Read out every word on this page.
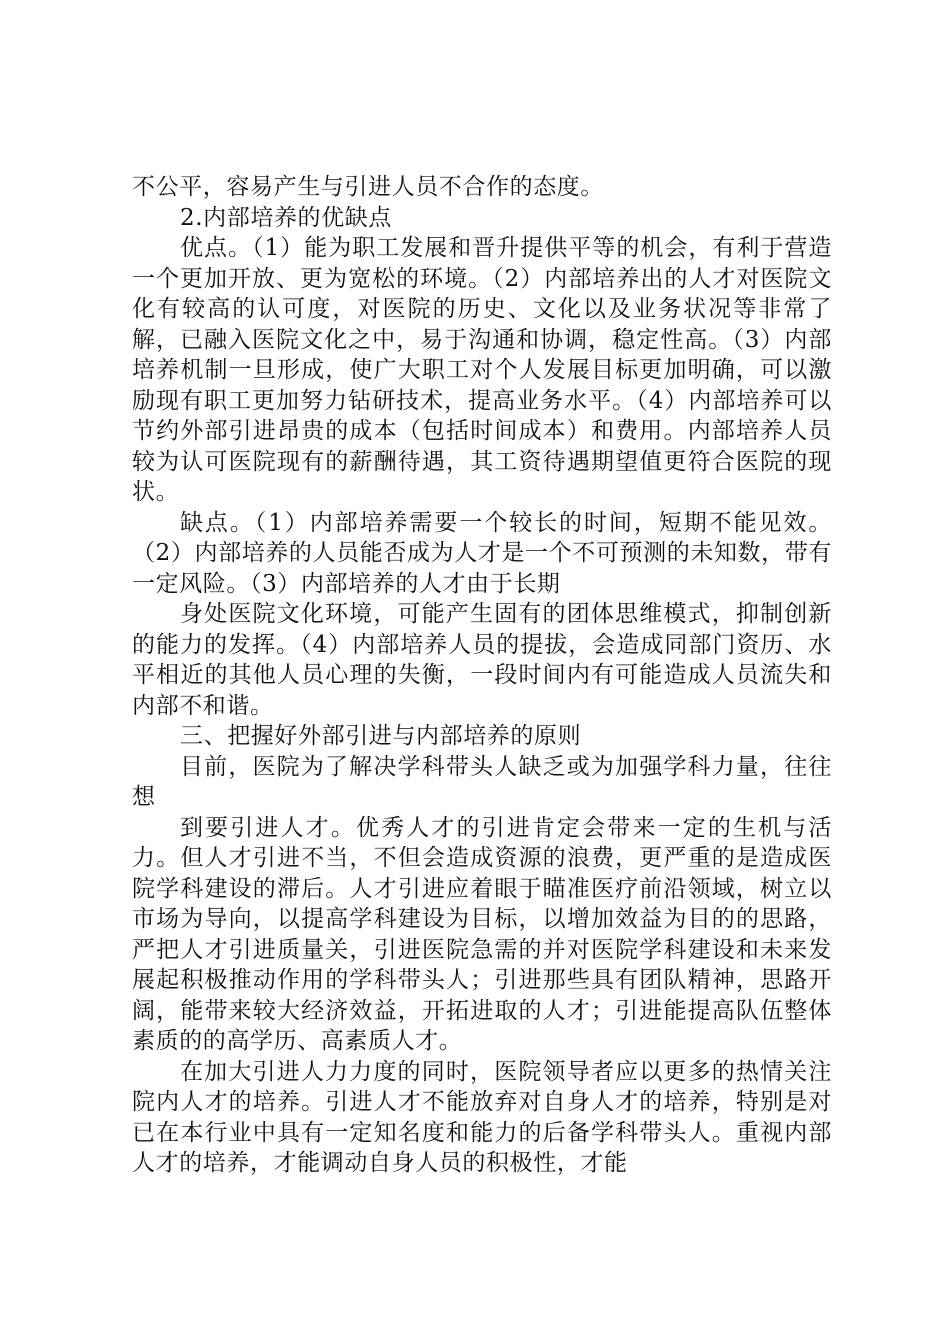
不公平，容易产生与引进人员不合作的态度。

2.内部培养的优缺点

优点。（1）能为职工发展和晋升提供平等的机会，有利于营造一个更加开放、更为宽松的环境。（2）内部培养出的人才对医院文化有较高的认可度，对医院的历史、文化以及业务状况等非常了解，已融入医院文化之中，易于沟通和协调，稳定性高。（3）内部培养机制一旦形成，使广大职工对个人发展目标更加明确，可以激励现有职工更加努力钻研技术，提高业务水平。（4）内部培养可以节约外部引进昂贵的成本（包括时间成本）和费用。内部培养人员较为认可医院现有的薪酬待遇，其工资待遇期望值更符合医院的现状。

缺点。（1）内部培养需要一个较长的时间，短期不能见效。（2）内部培养的人员能否成为人才是一个不可预测的未知数，带有一定风险。（3）内部培养的人才由于长期

身处医院文化环境，可能产生固有的团体思维模式，抑制创新的能力的发挥。（4）内部培养人员的提拔，会造成同部门资历、水平相近的其他人员心理的失衡，一段时间内有可能造成人员流失和内部不和谐。

三、把握好外部引进与内部培养的原则

目前，医院为了解决学科带头人缺乏或为加强学科力量，往往想

到要引进人才。优秀人才的引进肯定会带来一定的生机与活力。但人才引进不当，不但会造成资源的浪费，更严重的是造成医院学科建设的滞后。人才引进应着眼于瞄准医疗前沿领域，树立以市场为导向，以提高学科建设为目标，以增加效益为目的的思路，严把人才引进质量关，引进医院急需的并对医院学科建设和未来发展起积极推动作用的学科带头人；引进那些具有团队精神，思路开阔，能带来较大经济效益，开拓进取的人才；引进能提高队伍整体素质的的高学历、高素质人才。

在加大引进人力力度的同时，医院领导者应以更多的热情关注院内人才的培养。引进人才不能放弃对自身人才的培养，特别是对已在本行业中具有一定知名度和能力的后备学科带头人。重视内部人才的培养，才能调动自身人员的积极性，才能
